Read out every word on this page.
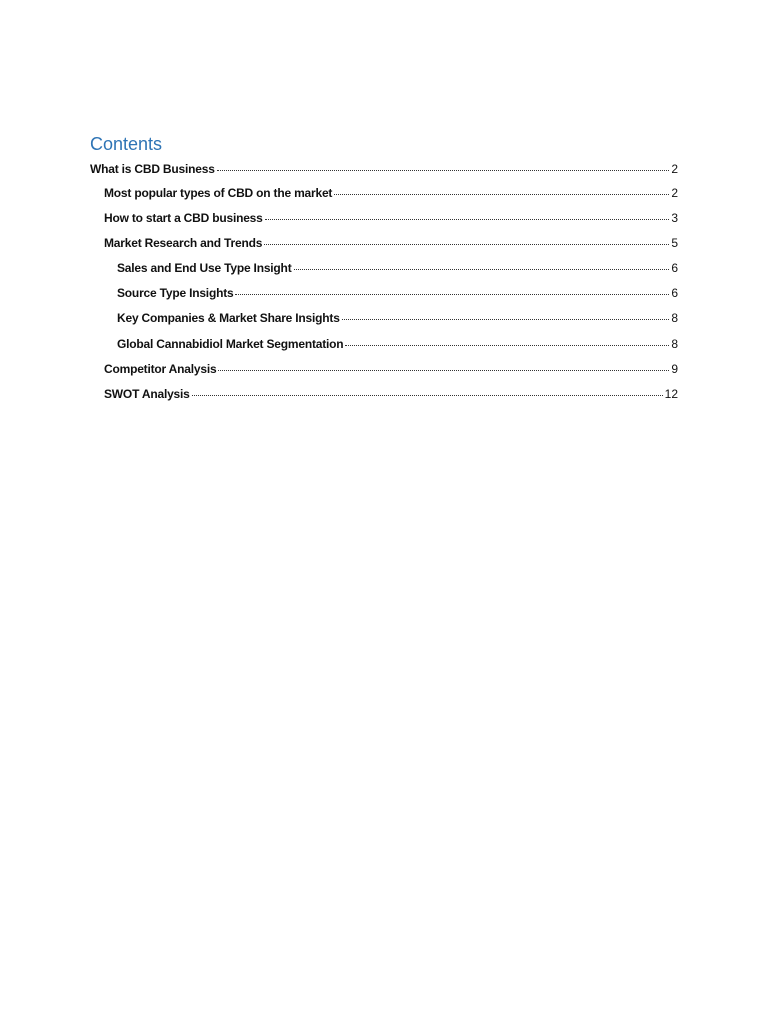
Contents
What is CBD Business	2
Most popular types of CBD on the market	2
How to start a CBD business	3
Market Research and Trends	5
Sales and End Use Type Insight	6
Source Type Insights	6
Key Companies & Market Share Insights	8
Global Cannabidiol Market Segmentation	8
Competitor Analysis	9
SWOT Analysis	12
